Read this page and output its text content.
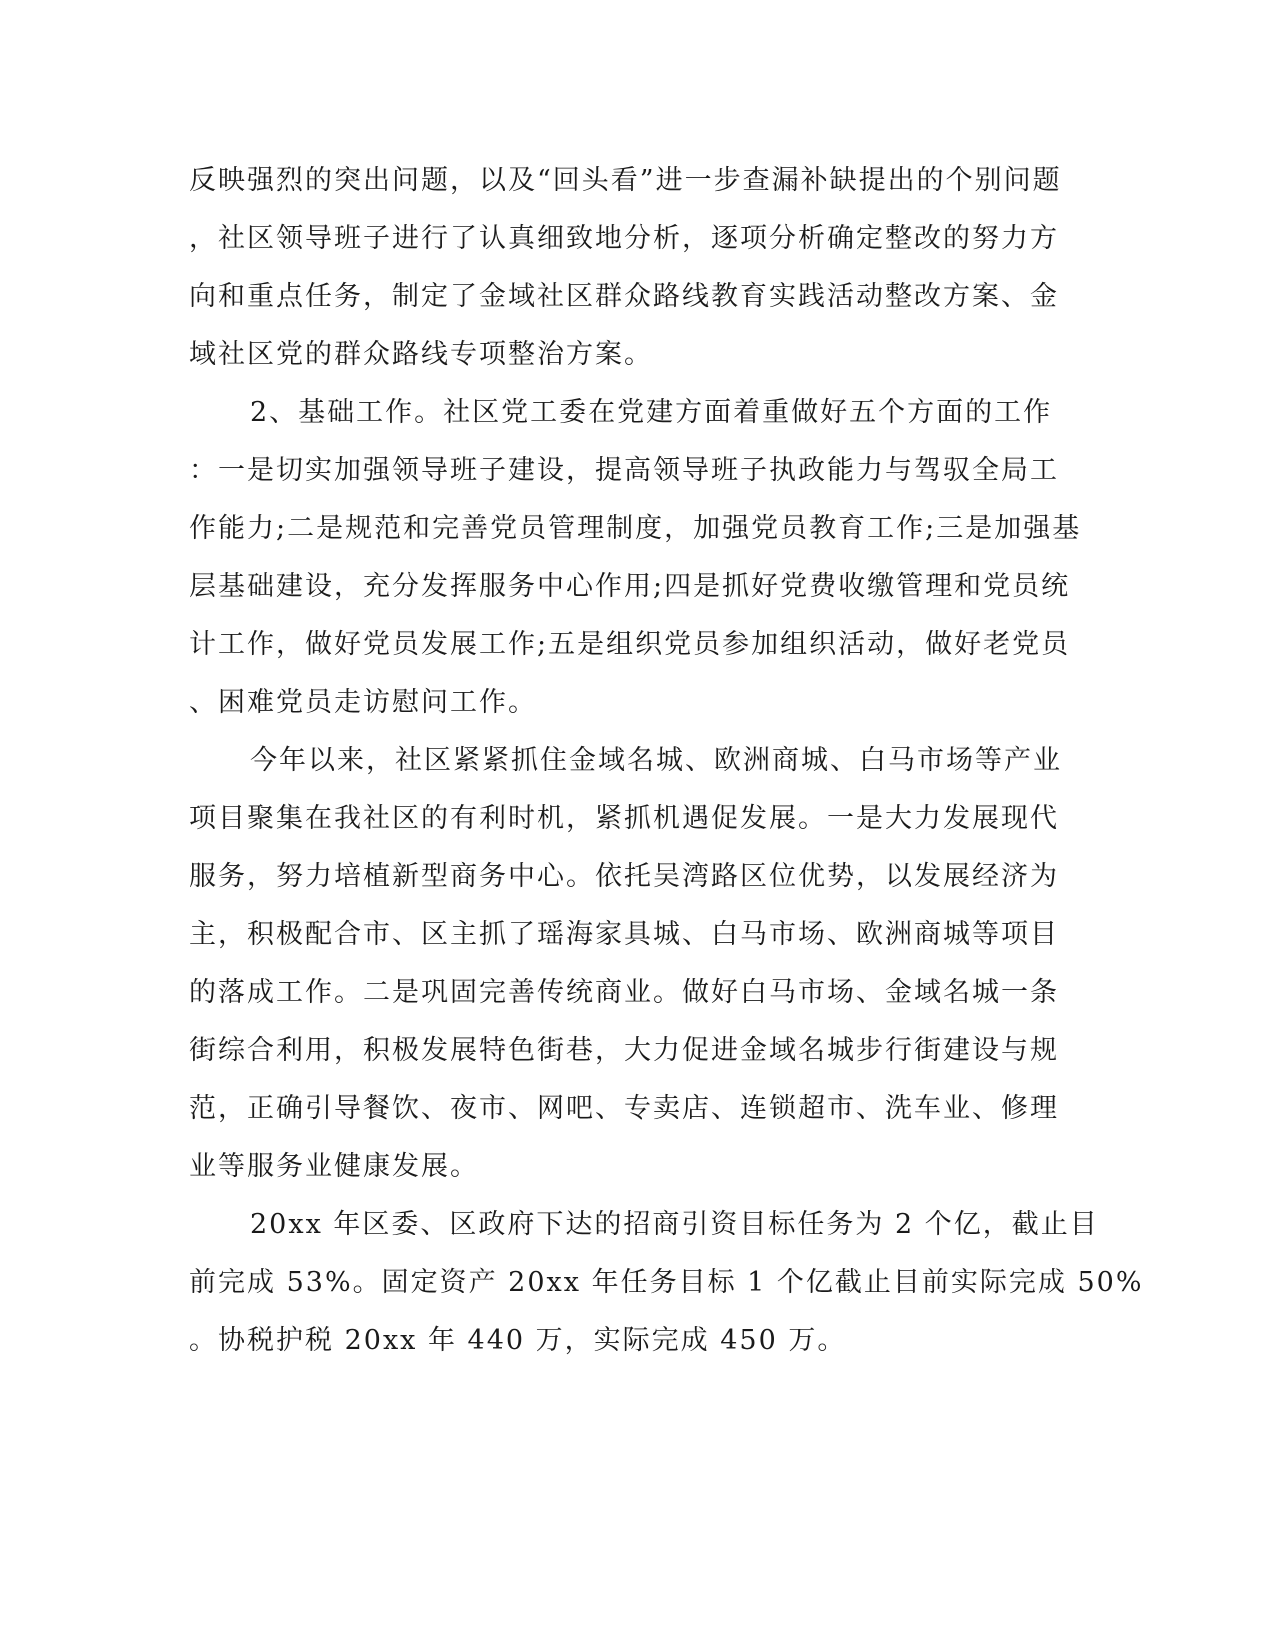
反映强烈的突出问题，以及“回头看”进一步查漏补缺提出的个别问题
，社区领导班子进行了认真细致地分析，逐项分析确定整改的努力方
向和重点任务，制定了金域社区群众路线教育实践活动整改方案、金
域社区党的群众路线专项整治方案。
2、基础工作。社区党工委在党建方面着重做好五个方面的工作
：一是切实加强领导班子建设，提高领导班子执政能力与驾驭全局工
作能力;二是规范和完善党员管理制度，加强党员教育工作;三是加强基
层基础建设，充分发挥服务中心作用;四是抓好党费收缴管理和党员统
计工作，做好党员发展工作;五是组织党员参加组织活动，做好老党员
、困难党员走访慰问工作。
今年以来，社区紧紧抓住金域名城、欧洲商城、白马市场等产业
项目聚集在我社区的有利时机，紧抓机遇促发展。一是大力发展现代
服务，努力培植新型商务中心。依托吴湾路区位优势，以发展经济为
主，积极配合市、区主抓了瑶海家具城、白马市场、欧洲商城等项目
的落成工作。二是巩固完善传统商业。做好白马市场、金域名城一条
街综合利用，积极发展特色街巷，大力促进金域名城步行街建设与规
范，正确引导餐饮、夜市、网吧、专卖店、连锁超市、洗车业、修理
业等服务业健康发展。
20xx 年区委、区政府下达的招商引资目标任务为 2 个亿，截止目
前完成 53%。固定资产 20xx 年任务目标 1 个亿截止目前实际完成 50%
。协税护税 20xx 年 440 万，实际完成 450 万。
